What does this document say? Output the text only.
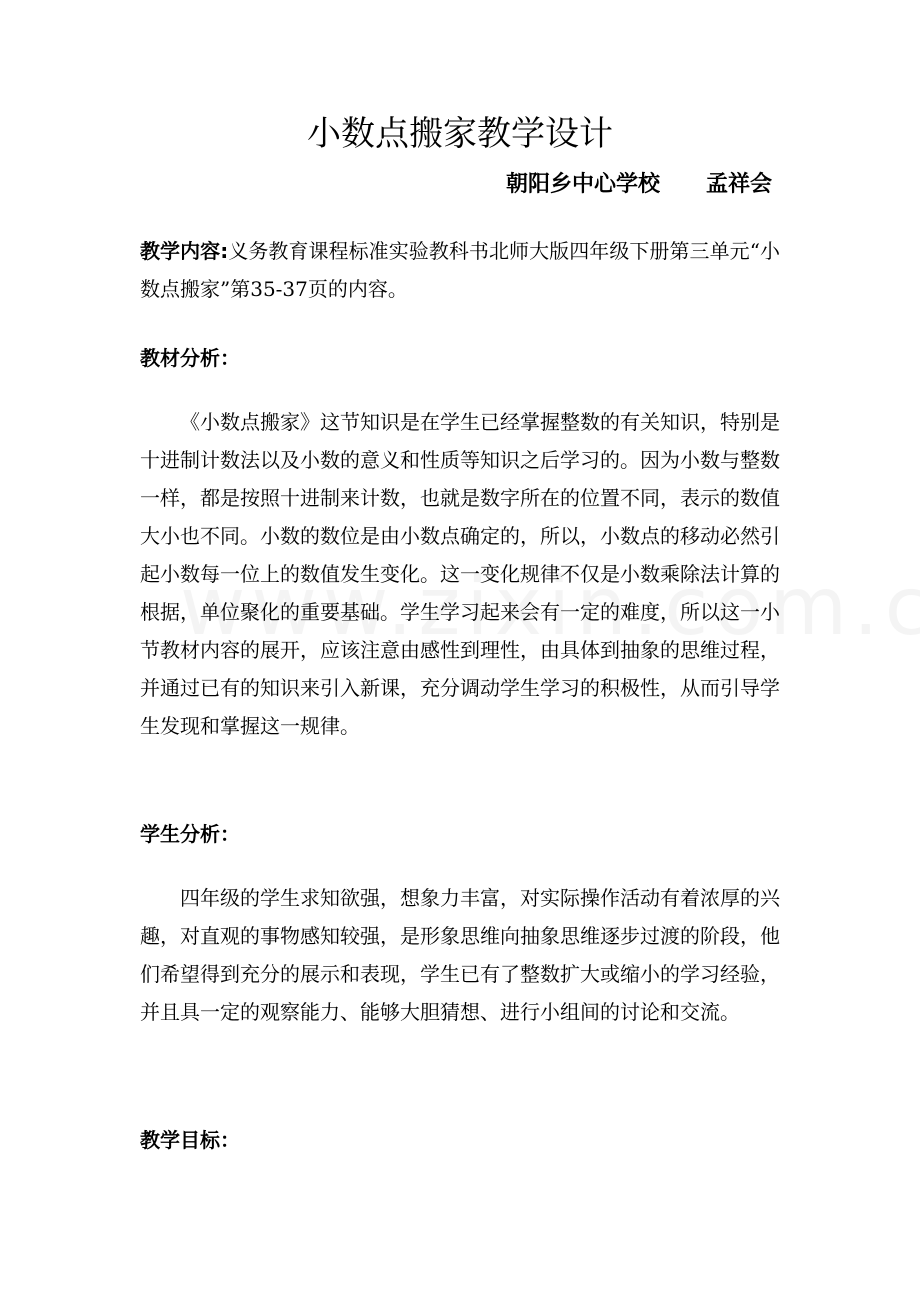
小数点搬家教学设计
朝阳乡中心学校      孟祥会

教学内容:义务教育课程标准实验教科书北师大版四年级下册第三单元“小数点搬家”第35-37页的内容。

教材分析：

《小数点搬家》这节知识是在学生已经掌握整数的有关知识，特别是十进制计数法以及小数的意义和性质等知识之后学习的。因为小数与整数一样，都是按照十进制来计数，也就是数字所在的位置不同，表示的数值大小也不同。小数的数位是由小数点确定的，所以，小数点的移动必然引起小数每一位上的数值发生变化。这一变化规律不仅是小数乘除法计算的根据，单位聚化的重要基础。学生学习起来会有一定的难度，所以这一小节教材内容的展开，应该注意由感性到理性，由具体到抽象的思维过程，并通过已有的知识来引入新课，充分调动学生学习的积极性，从而引导学生发现和掌握这一规律。

学生分析：

四年级的学生求知欲强，想象力丰富，对实际操作活动有着浓厚的兴趣，对直观的事物感知较强，是形象思维向抽象思维逐步过渡的阶段，他们希望得到充分的展示和表现，学生已有了整数扩大或缩小的学习经验，并且具一定的观察能力、能够大胆猜想、进行小组间的讨论和交流。

教学目标：
